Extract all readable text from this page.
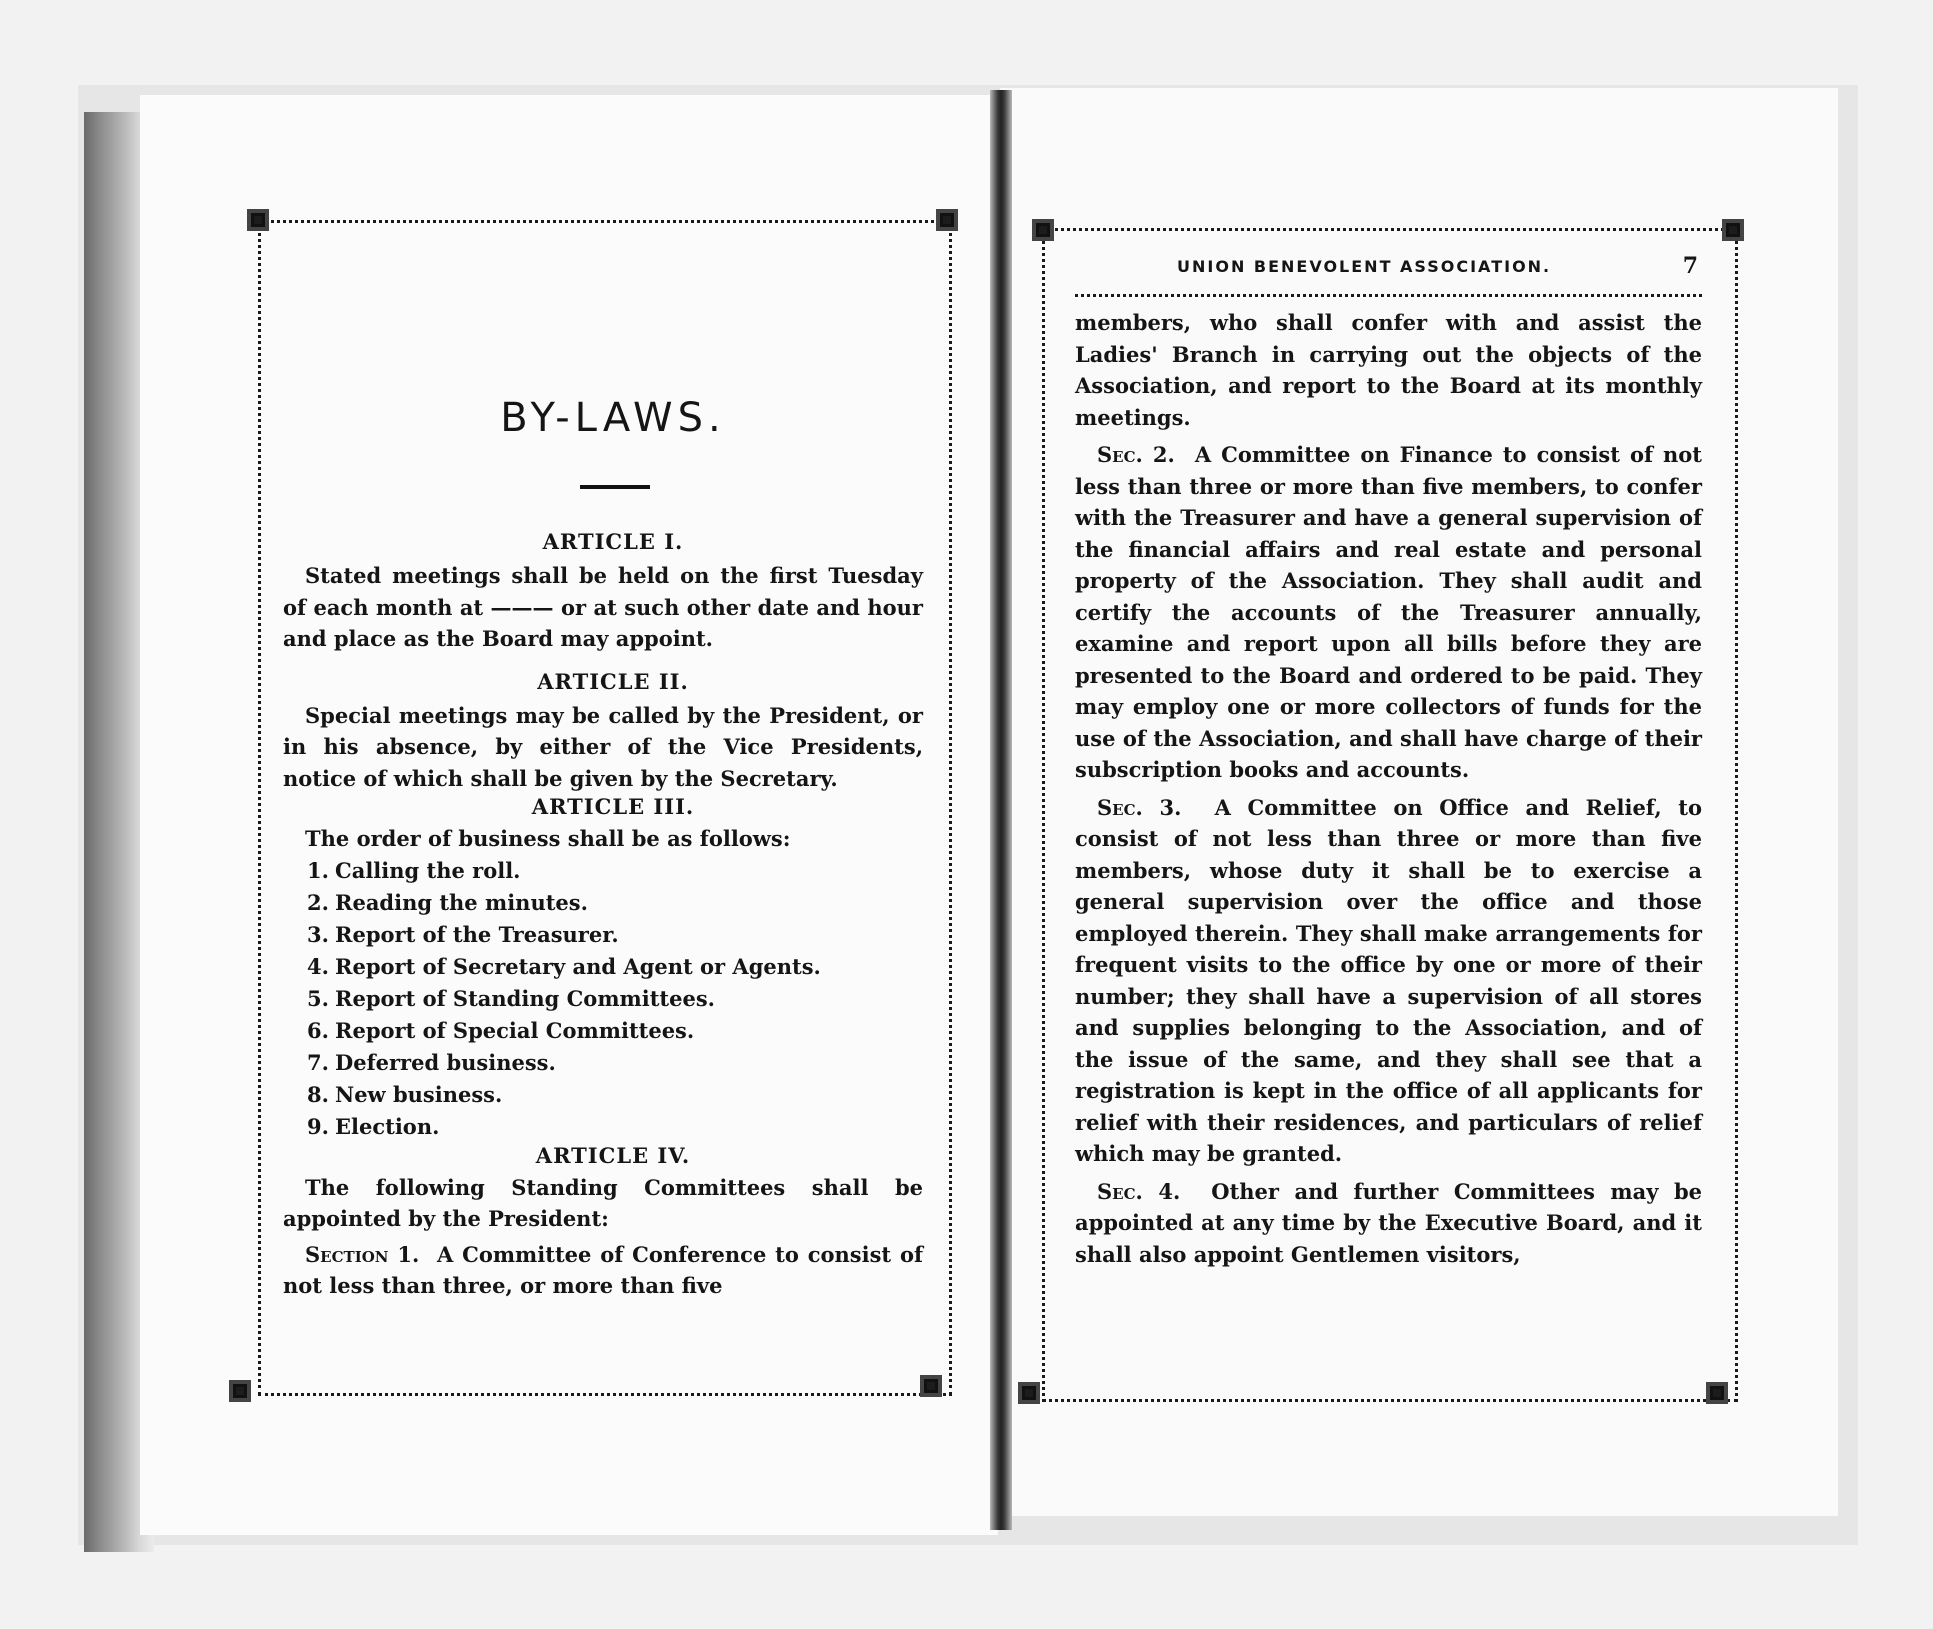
BY-LAWS.

ARTICLE I.

Stated meetings shall be held on the first Tuesday of each month at ——— or at such other date and hour and place as the Board may appoint.

ARTICLE II.

Special meetings may be called by the President, or in his absence, by either of the Vice Presidents, notice of which shall be given by the Secretary.

ARTICLE III.

The order of business shall be as follows:

1. Calling the roll.
2. Reading the minutes.
3. Report of the Treasurer.
4. Report of Secretary and Agent or Agents.
5. Report of Standing Committees.
6. Report of Special Committees.
7. Deferred business.
8. New business.
9. Election.

ARTICLE IV.

The following Standing Committees shall be appointed by the President:

Section 1. A Committee of Conference to consist of not less than three, or more than five

UNION BENEVOLENT ASSOCIATION.	7

members, who shall confer with and assist the Ladies' Branch in carrying out the objects of the Association, and report to the Board at its monthly meetings.

Sec. 2. A Committee on Finance to consist of not less than three or more than five members, to confer with the Treasurer and have a general supervision of the financial affairs and real estate and personal property of the Association. They shall audit and certify the accounts of the Treasurer annually, examine and report upon all bills before they are presented to the Board and ordered to be paid. They may employ one or more collectors of funds for the use of the Association, and shall have charge of their subscription books and accounts.

Sec. 3. A Committee on Office and Relief, to consist of not less than three or more than five members, whose duty it shall be to exercise a general supervision over the office and those employed therein. They shall make arrangements for frequent visits to the office by one or more of their number; they shall have a supervision of all stores and supplies belonging to the Association, and of the issue of the same, and they shall see that a registration is kept in the office of all applicants for relief with their residences, and particulars of relief which may be granted.

Sec. 4. Other and further Committees may be appointed at any time by the Executive Board, and it shall also appoint Gentlemen visitors,
